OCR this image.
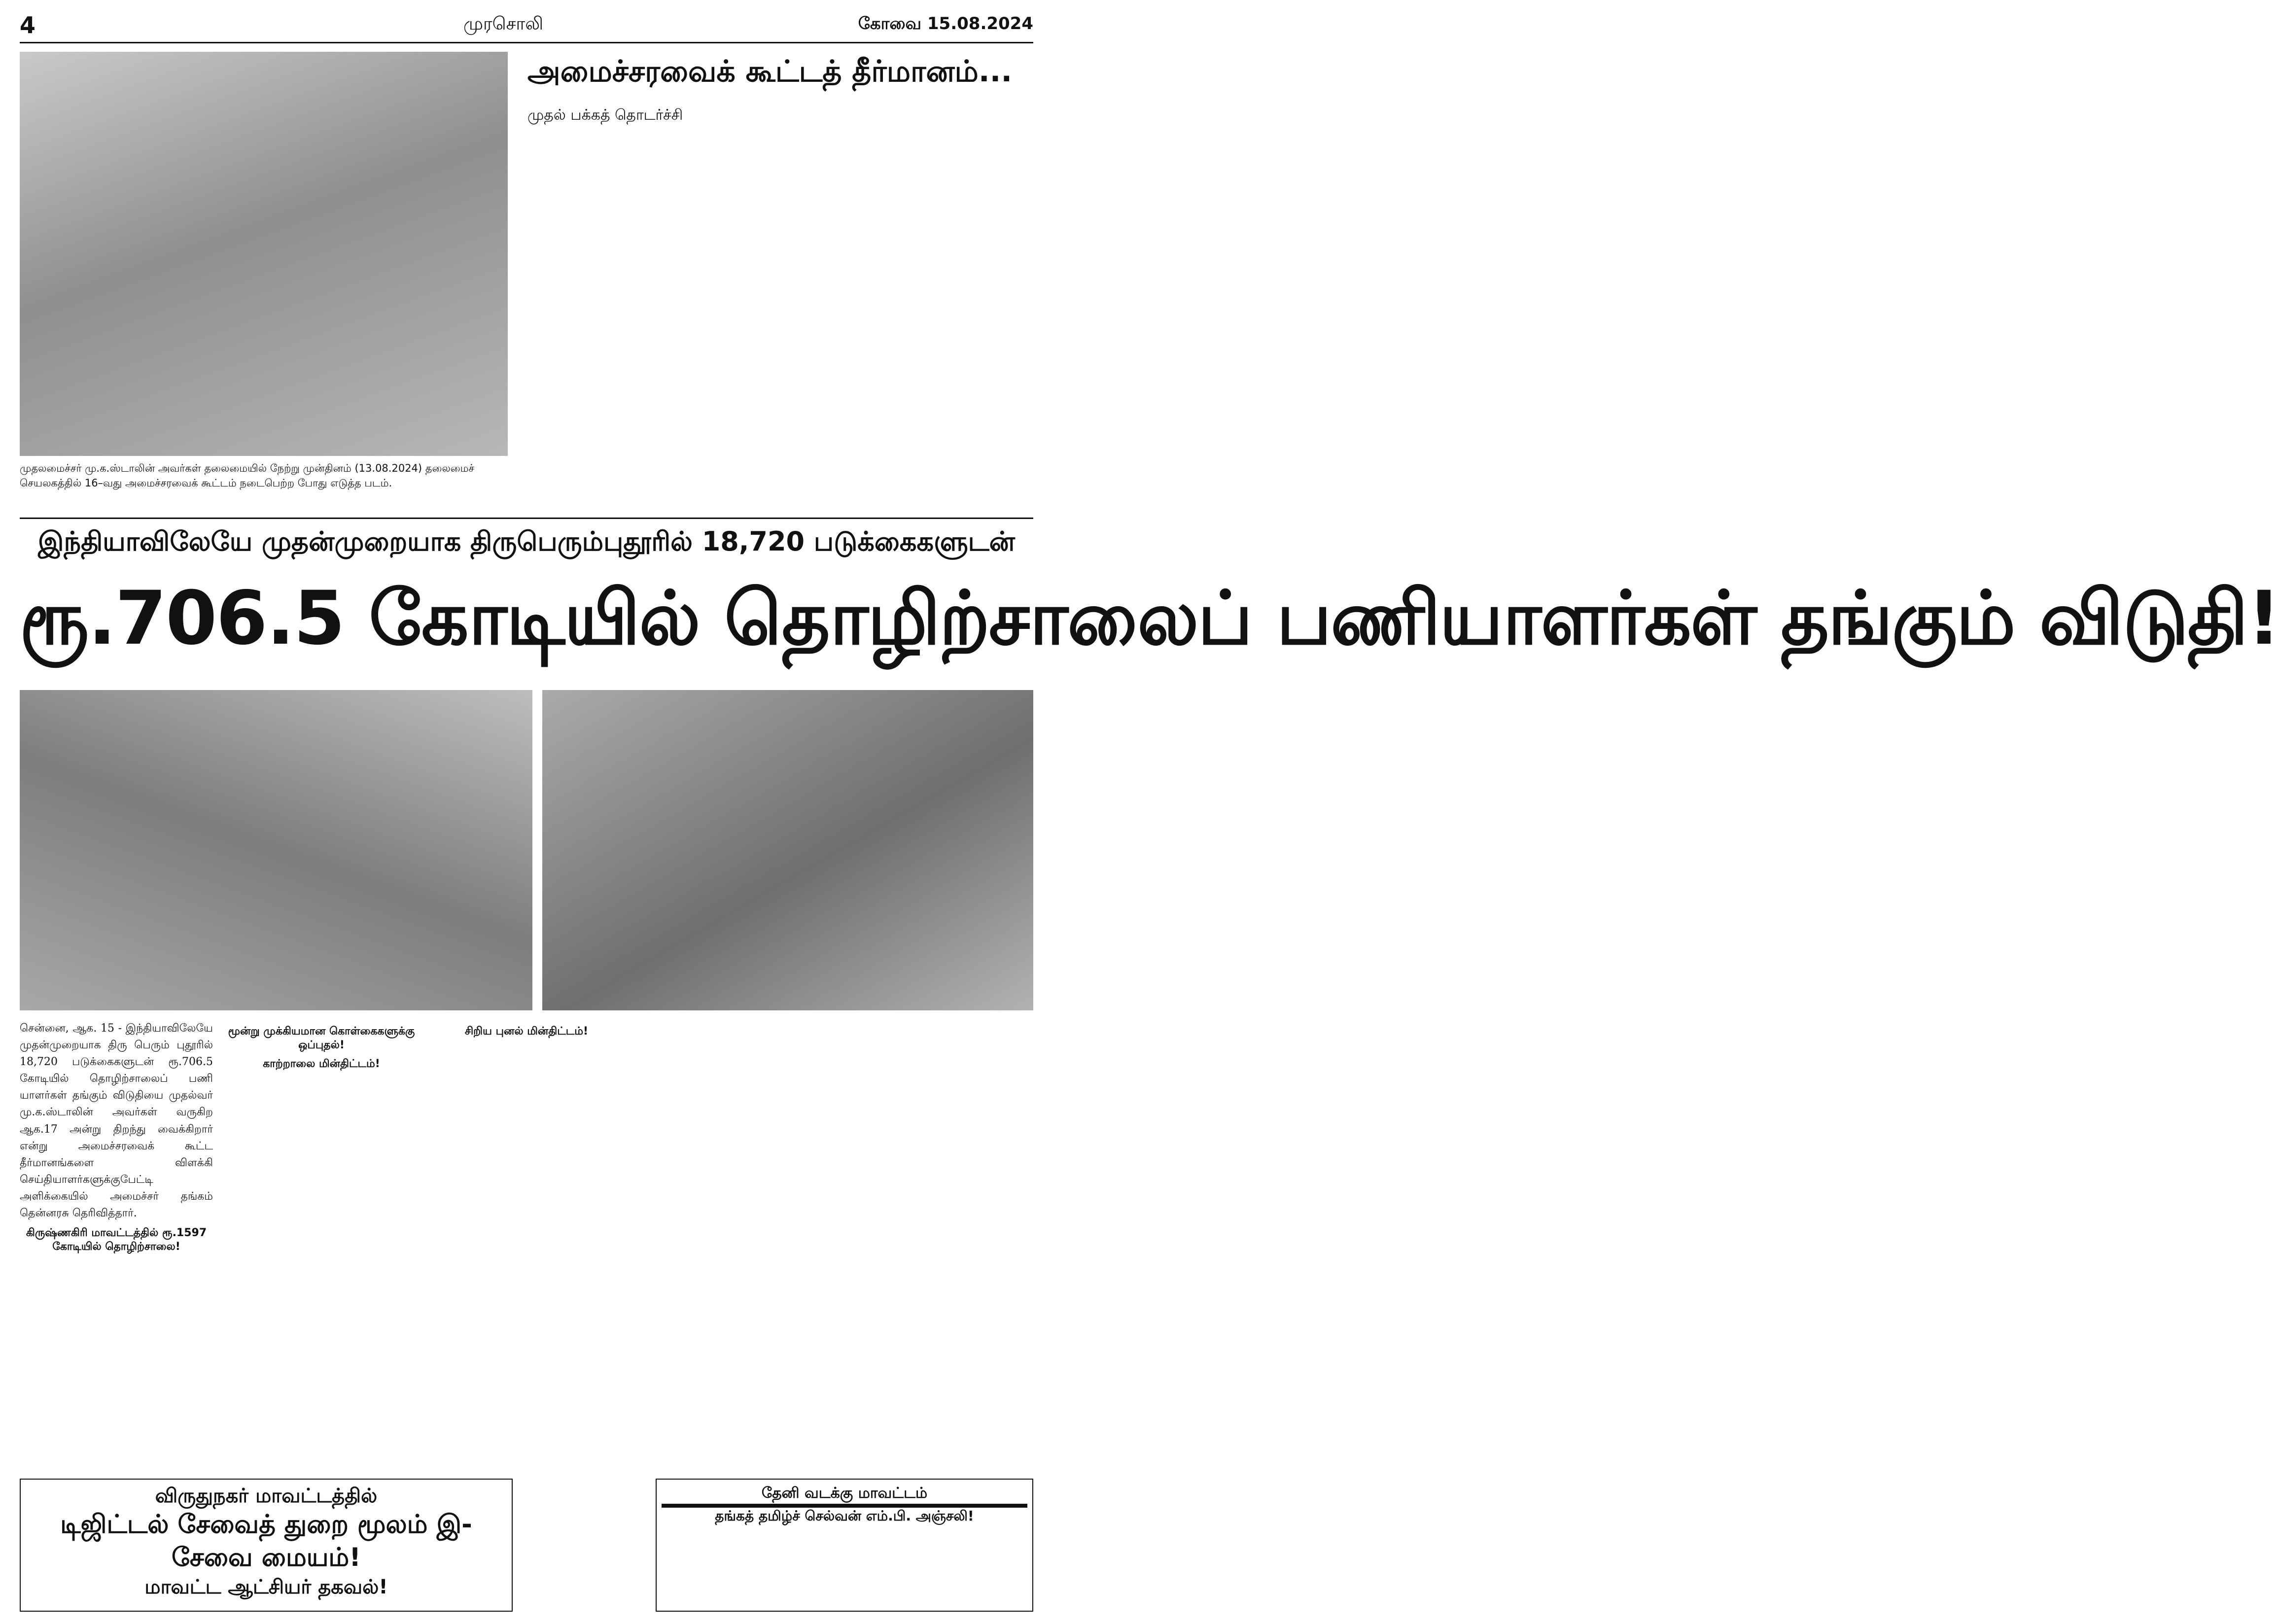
4	முரசொலி	கோவை 15.08.2024
முதலமைச்சர் மு.க.ஸ்டாலின் அவர்கள் தலைமையில் நேற்று முன்தினம் (13.08.2024) தலைமைச் செயலகத்தில் 16–வது அமைச்சரவைக் கூட்டம் நடைபெற்ற போது எடுத்த படம்.
அமைச்சரவைக் கூட்டத் தீர்மானம்... முதல் பக்கத் தொடர்ச்சி
இந்தியாவிலேயே முதன்முறையாக திருபெரும்புதூரில் 18,720 படுக்கைகளுடன்
ரூ.706.5 கோடியில் தொழிற்சாலைப் பணியாளர்கள் தங்கும் விடுதி!
சென்னை, ஆக. 15 - இந்தியாவிலேயே முதன்முறையாக திரு பெரும் புதூரில் 18,720 படுக்கைகளுடன் ரூ.706.5 கோடியில் தொழிற்சாலைப் பணி யாளர்கள் தங்கும் விடுதியை முதல்வர் மு.க.ஸ்டாலின் அவர்கள் வருகிற ஆக.17 அன்று திறந்து வைக்கிறார் என்று அமைச்சரவைக் கூட்ட தீர்மானங்களை விளக்கி செய்தியாளர்களுக்குபேட்டி அளிக்கையில் அமைச்சர் தங்கம் தென்னரசு தெரிவித்தார்.
கிருஷ்ணகிரி மாவட்டத்தில் ரூ.1597 கோடியில் தொழிற்சாலை!
மூன்று முக்கியமான கொள்கைகளுக்கு ஒப்புதல்!
காற்றாலை மின்திட்டம்!
சிறிய புனல் மின்திட்டம்!
விருதுநகர் மாவட்டத்தில்
டிஜிட்டல் சேவைத் துறை மூலம் இ-சேவை மையம்!
மாவட்ட ஆட்சியர் தகவல்!
தேனி வடக்கு மாவட்டம்
தங்கத் தமிழ்ச் செல்வன் எம்.பி. அஞ்சலி!
